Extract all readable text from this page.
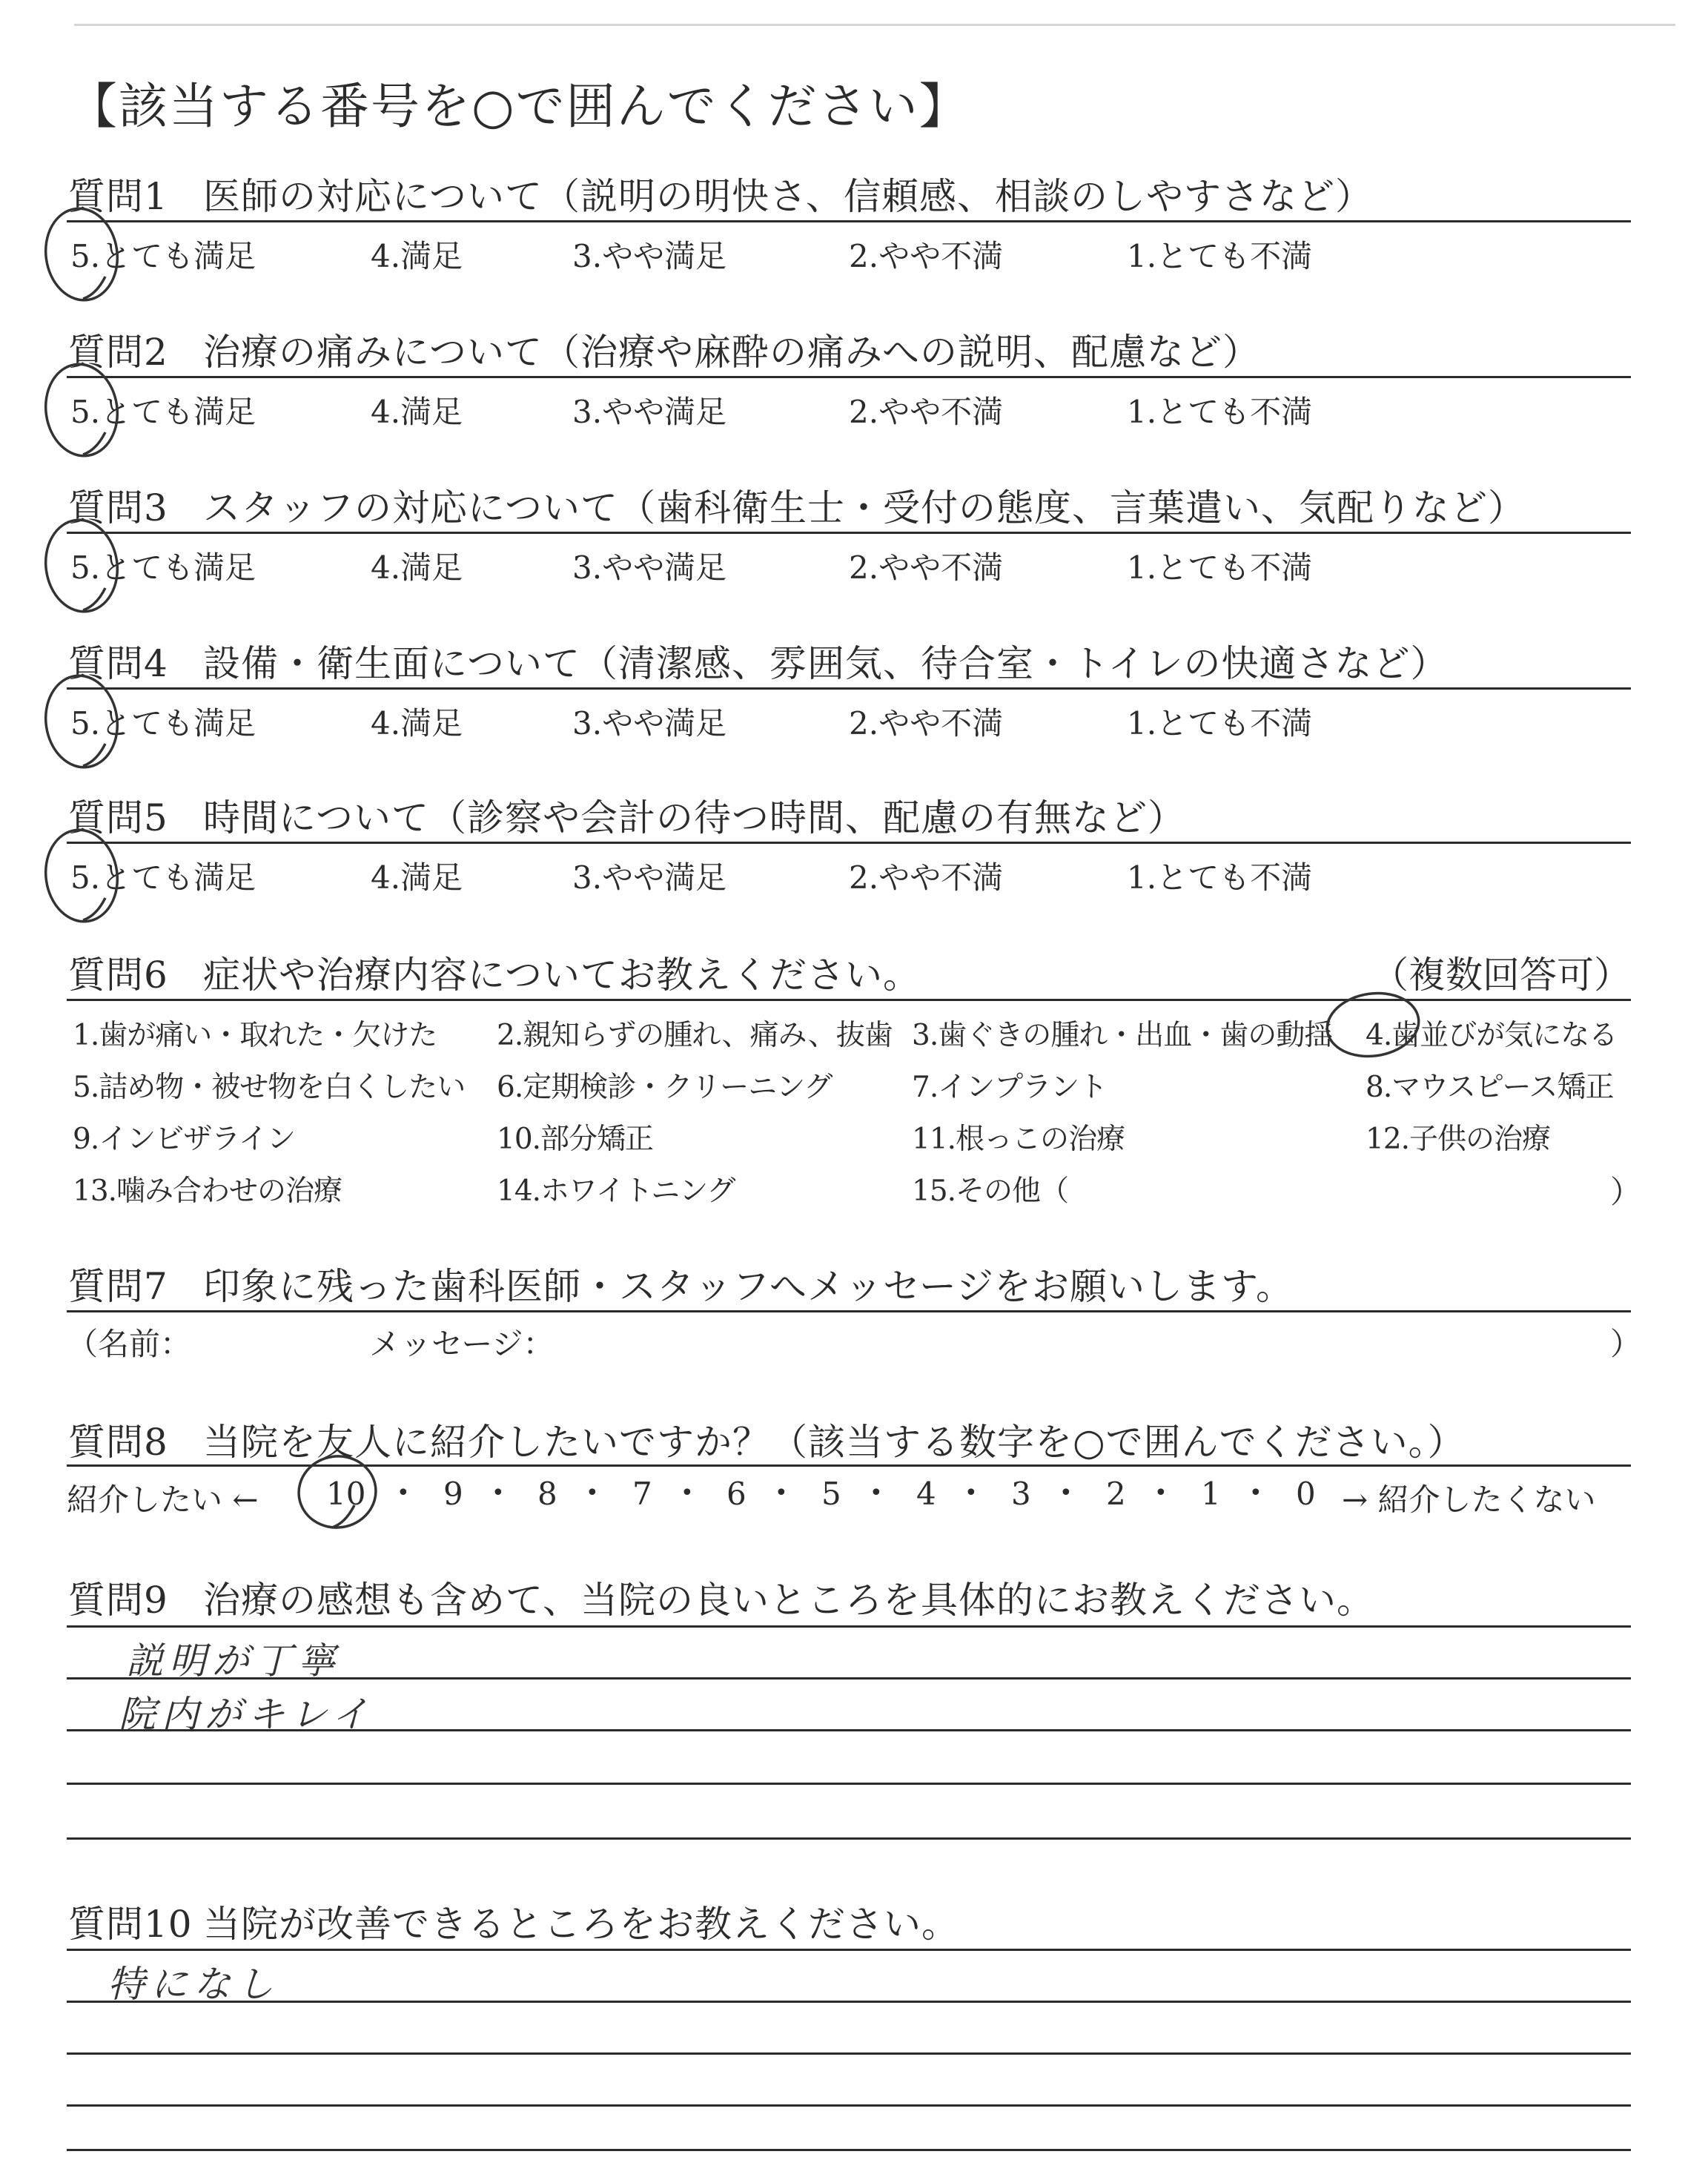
【該当する番号を○で囲んでください】
質問1 医師の対応について（説明の明快さ、信頼感、相談のしやすさなど）
5.とても満足	4.満足	3.やや満足	2.やや不満	1.とても不満
質問2 治療の痛みについて（治療や麻酔の痛みへの説明、配慮など）
5.とても満足	4.満足	3.やや満足	2.やや不満	1.とても不満
質問3 スタッフの対応について（歯科衛生士・受付の態度、言葉遣い、気配りなど）
5.とても満足	4.満足	3.やや満足	2.やや不満	1.とても不満
質問4 設備・衛生面について（清潔感、雰囲気、待合室・トイレの快適さなど）
5.とても満足	4.満足	3.やや満足	2.やや不満	1.とても不満
質問5 時間について（診察や会計の待つ時間、配慮の有無など）
5.とても満足	4.満足	3.やや満足	2.やや不満	1.とても不満
質問6 症状や治療内容についてお教えください。	（複数回答可）
1.歯が痛い・取れた・欠けた 2.親知らずの腫れ、痛み、抜歯 3.歯ぐきの腫れ・出血・歯の動揺 4.歯並びが気になる
5.詰め物・被せ物を白くしたい 6.定期検診・クリーニング	7.インプラント	8.マウスピース矯正
9.インビザライン	10.部分矯正	11.根っこの治療	12.子供の治療
13.噛み合わせの治療	14.ホワイトニング	15.その他（	）
質問7 印象に残った歯科医師・スタッフへメッセージをお願いします。
（名前：	メッセージ：	）
質問8 当院を友人に紹介したいですか？（該当する数字を○で囲んでください。）
紹介したい ← 10 • 9 • 8 • 7 • 6 • 5 • 4 • 3 • 2 • 1 • 0 → 紹介したくない
質問9 治療の感想も含めて、当院の良いところを具体的にお教えください。
説明が丁寧
院内がキレイ
質問10 当院が改善できるところをお教えください。
特になし
